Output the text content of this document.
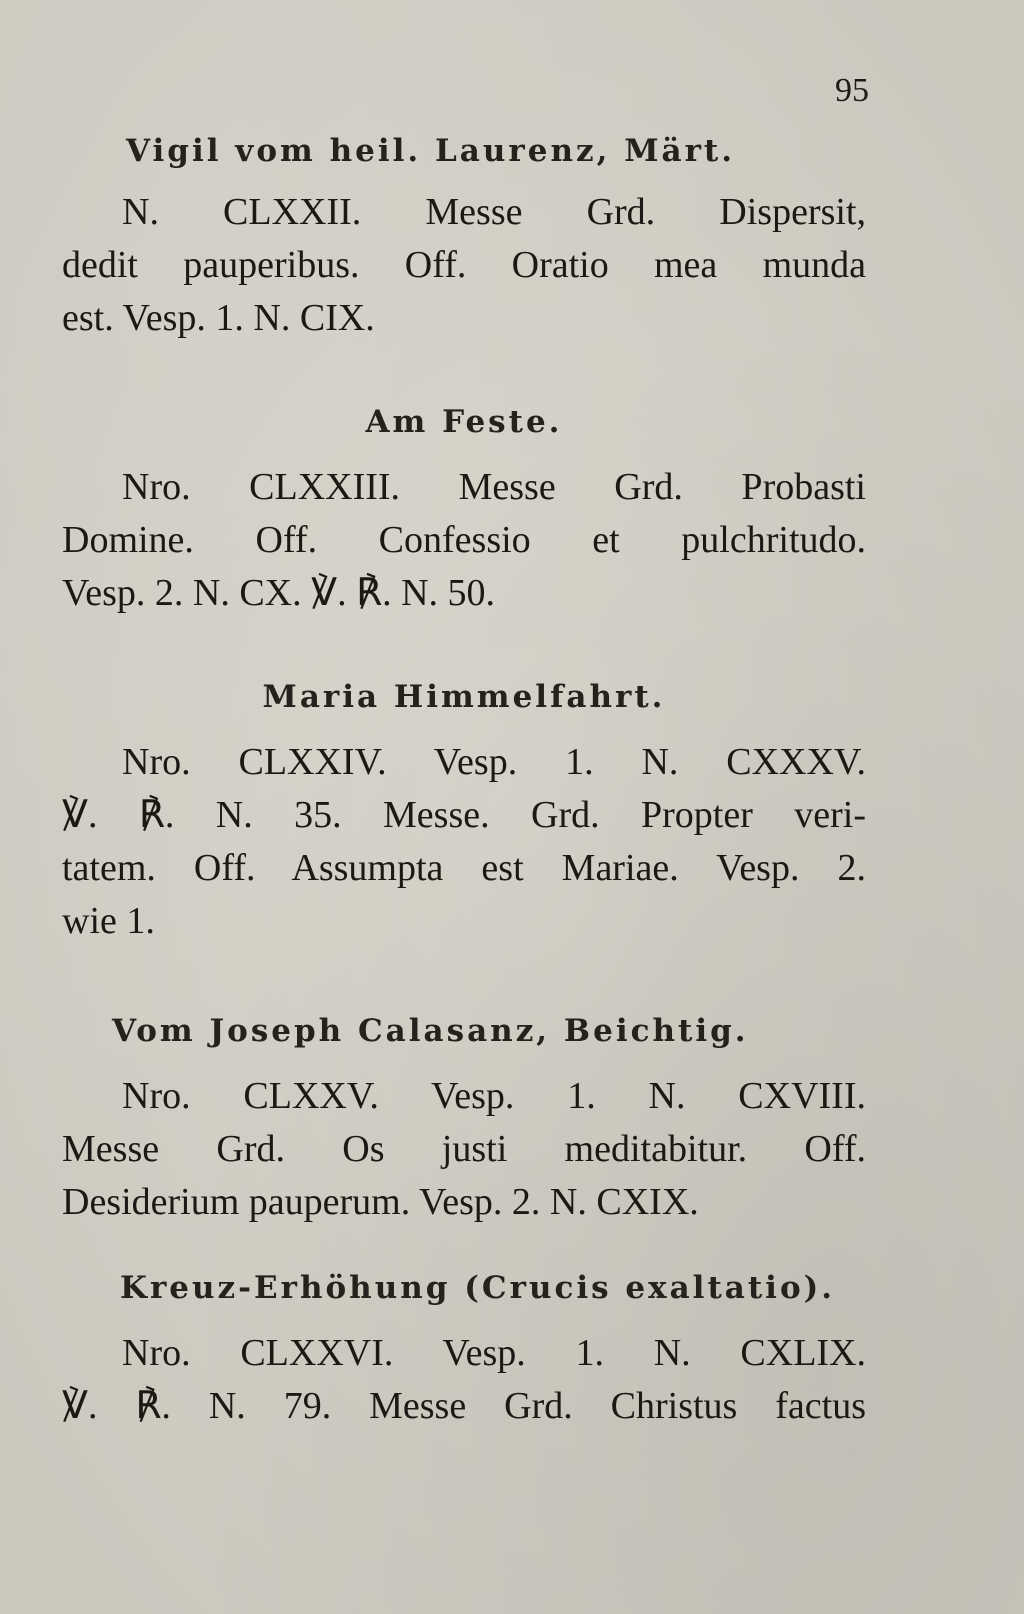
95
Vigil vom heil. Laurenz, Märt.

N. CLXXII. Messe Grd. Dispersit,
dedit pauperibus. Off. Oratio mea munda
est. Vesp. 1. N. CIX.

Am Feste.

Nro. CLXXIII. Messe Grd. Probasti
Domine. Off. Confessio et pulchritudo.
Vesp. 2. N. CX. ℣. ℟. N. 50.

Maria Himmelfahrt.

Nro. CLXXIV. Vesp. 1. N. CXXXV.
℣. ℟. N. 35. Messe. Grd. Propter veri-
tatem. Off. Assumpta est Mariae. Vesp. 2.
wie 1.

Vom Joseph Calasanz, Beichtig.

Nro. CLXXV. Vesp. 1. N. CXVIII.
Messe Grd. Os justi meditabitur. Off.
Desiderium pauperum. Vesp. 2. N. CXIX.

Kreuz-Erhöhung (Crucis exaltatio).

Nro. CLXXVI. Vesp. 1. N. CXLIX.
℣. ℟. N. 79. Messe Grd. Christus factus
